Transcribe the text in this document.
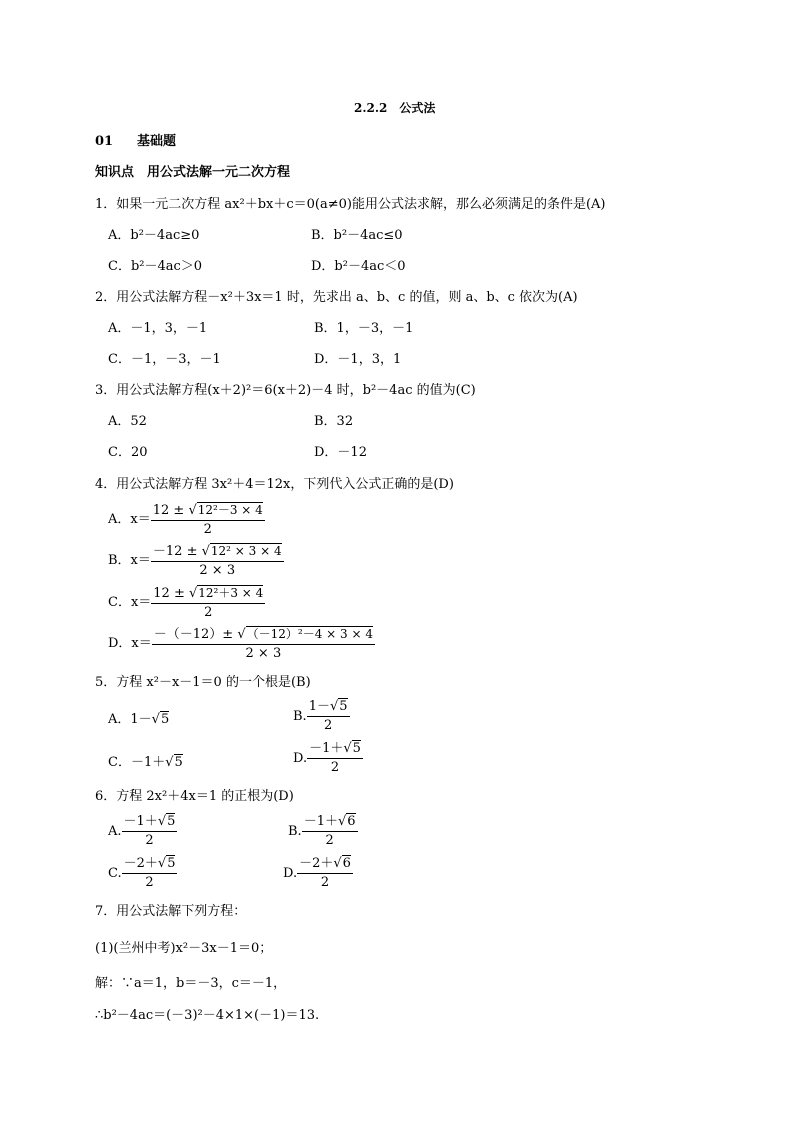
2.2.2　公式法
01 基础题
知识点　用公式法解一元二次方程
1．如果一元二次方程 ax²＋bx＋c＝0(a≠0)能用公式法求解，那么必须满足的条件是(A)
A．b²－4ac≥0	B．b²－4ac≤0
C．b²－4ac＞0	D．b²－4ac＜0
2．用公式法解方程－x²＋3x＝1 时，先求出 a、b、c 的值，则 a、b、c 依次为(A)
A．－1，3，－1	B．1，－3，－1
C．－1，－3，－1	D．－1，3，1
3．用公式法解方程(x＋2)²＝6(x＋2)－4 时，b²－4ac 的值为(C)
A．52	B．32
C．20	D．－12
4．用公式法解方程 3x²＋4＝12x，下列代入公式正确的是(D)
A．$x= \frac{\text{12 ± √12²－3 × 4}}{2}$
B．$x= \frac{\text{－12 ± √12² × 3 × 4}}{2 \times 3}$
C．$x= \frac{\text{12 ± √12²＋3 × 4}}{2}$
D．$x= \frac{\text{－（－12）± √（－12）²－4 × 3 × 4}}{2 \times 3}$
5．方程 x²－x－1＝0 的一个根是(B)
A．1－ √ 5	B. $\frac{1-√5}{2}$
C．－1＋ √ 5	D. $\frac{-1+√5}{2}$
6．方程 2x²＋4x＝1 的正根为(D)
A. $\frac{-1+√5}{2}$	B. $\frac{-1+√6}{2}$
C. $\frac{-2+√5}{2}$	D. $\frac{-2+√6}{2}$
7．用公式法解下列方程：
(1)(兰州中考)x²－3x－1＝0；
解：∵a＝1，b＝－3，c＝－1，
∴b²－4ac＝(－3)²－4×1×(－1)＝13.
